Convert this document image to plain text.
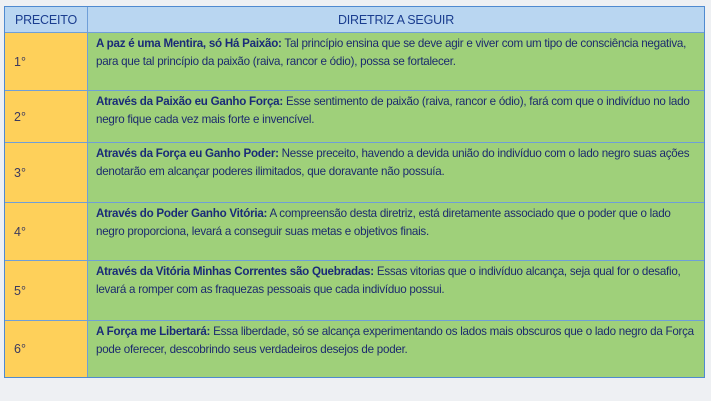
PRECEITO	DIRETRIZ A SEGUIR
1°
A paz é uma Mentira, só Há Paixão: Tal princípio ensina que se deve agir e viver com um tipo de consciência negativa, para que tal princípio da paixão (raiva, rancor e ódio), possa se fortalecer.
2°
Através da Paixão eu Ganho Força: Esse sentimento de paixão (raiva, rancor e ódio), fará com que o indivíduo no lado negro fique cada vez mais forte e invencível.
3°
Através da Força eu Ganho Poder: Nesse preceito, havendo a devida união do indivíduo com o lado negro suas ações denotarão em alcançar poderes ilimitados, que doravante não possuía.
4°
Através do Poder Ganho Vitória: A compreensão desta diretriz, está diretamente associado que o poder que o lado negro proporciona, levará a conseguir suas metas e objetivos finais.
5°
Através da Vitória Minhas Correntes são Quebradas: Essas vitorias que o indivíduo alcança, seja qual for o desafio, levará a romper com as fraquezas pessoais que cada indivíduo possui.
6°
A Força me Libertará: Essa liberdade, só se alcança experimentando os lados mais obscuros que o lado negro da Força pode oferecer, descobrindo seus verdadeiros desejos de poder.
